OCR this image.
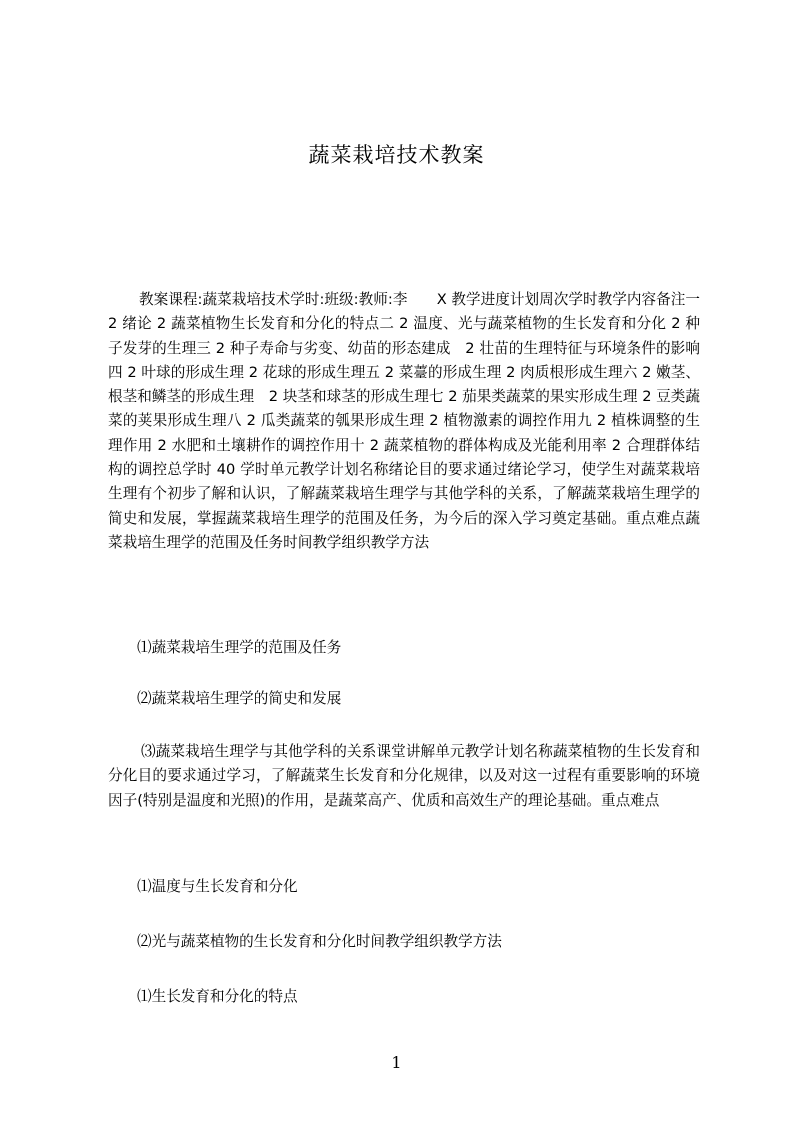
蔬菜栽培技术教案
教案课程:蔬菜栽培技术学时:班级:教师:李　　X 教学进度计划周次学时教学内容备注一 2 绪论 2 蔬菜植物生长发育和分化的特点二 2 温度、光与蔬菜植物的生长发育和分化 2 种子发芽的生理三 2 种子寿命与劣变、幼苗的形态建成　2 壮苗的生理特征与环境条件的影响四 2 叶球的形成生理 2 花球的形成生理五 2 菜薹的形成生理 2 肉质根形成生理六 2 嫩茎、根茎和鳞茎的形成生理　2 块茎和球茎的形成生理七 2 茄果类蔬菜的果实形成生理 2 豆类蔬菜的荚果形成生理八 2 瓜类蔬菜的瓠果形成生理 2 植物激素的调控作用九 2 植株调整的生理作用 2 水肥和土壤耕作的调控作用十 2 蔬菜植物的群体构成及光能利用率 2 合理群体结构的调控总学时 40 学时单元教学计划名称绪论目的要求通过绪论学习，使学生对蔬菜栽培生理有个初步了解和认识，了解蔬菜栽培生理学与其他学科的关系，了解蔬菜栽培生理学的简史和发展，掌握蔬菜栽培生理学的范围及任务，为今后的深入学习奠定基础。重点难点蔬菜栽培生理学的范围及任务时间教学组织教学方法
⑴蔬菜栽培生理学的范围及任务
⑵蔬菜栽培生理学的简史和发展
⑶蔬菜栽培生理学与其他学科的关系课堂讲解单元教学计划名称蔬菜植物的生长发育和分化目的要求通过学习，了解蔬菜生长发育和分化规律，以及对这一过程有重要影响的环境因子(特别是温度和光照)的作用，是蔬菜高产、优质和高效生产的理论基础。重点难点
⑴温度与生长发育和分化
⑵光与蔬菜植物的生长发育和分化时间教学组织教学方法
⑴生长发育和分化的特点
1
